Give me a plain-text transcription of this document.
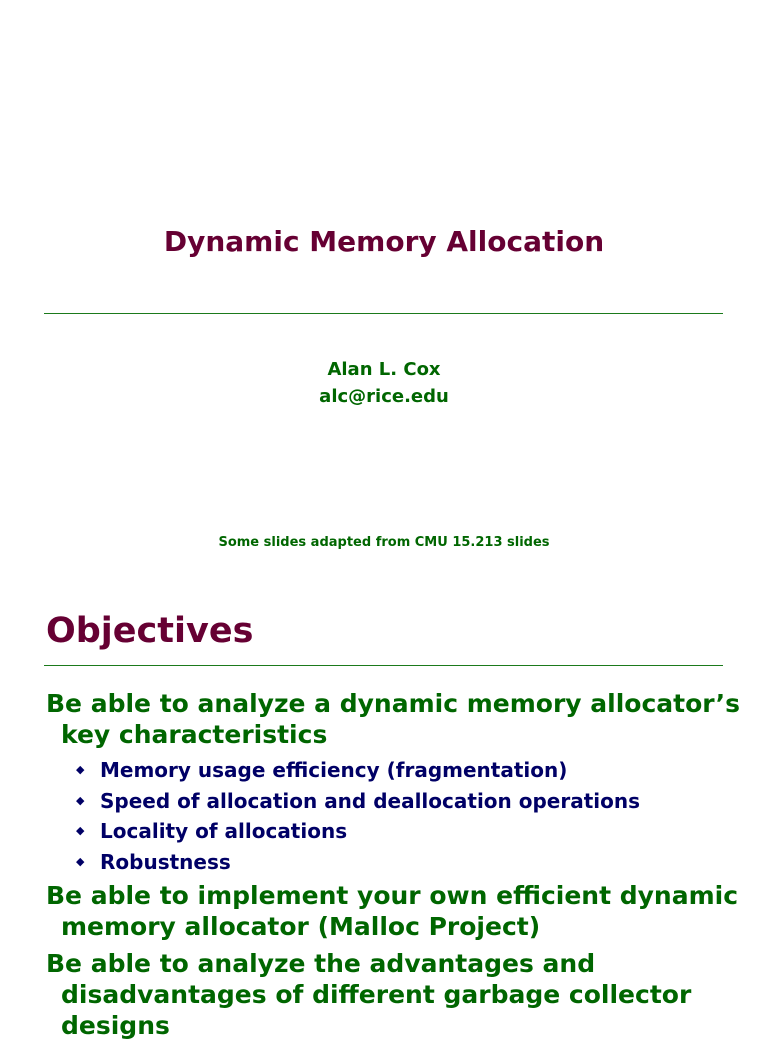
Dynamic Memory Allocation
Alan L. Cox
alc@rice.edu
Some slides adapted from CMU 15.213 slides
Objectives
Be able to analyze a dynamic memory allocator’s key characteristics
◆ Memory usage efficiency (fragmentation)
◆ Speed of allocation and deallocation operations
◆ Locality of allocations
◆ Robustness
Be able to implement your own efficient dynamic memory allocator (Malloc Project)
Be able to analyze the advantages and disadvantages of different garbage collector designs
